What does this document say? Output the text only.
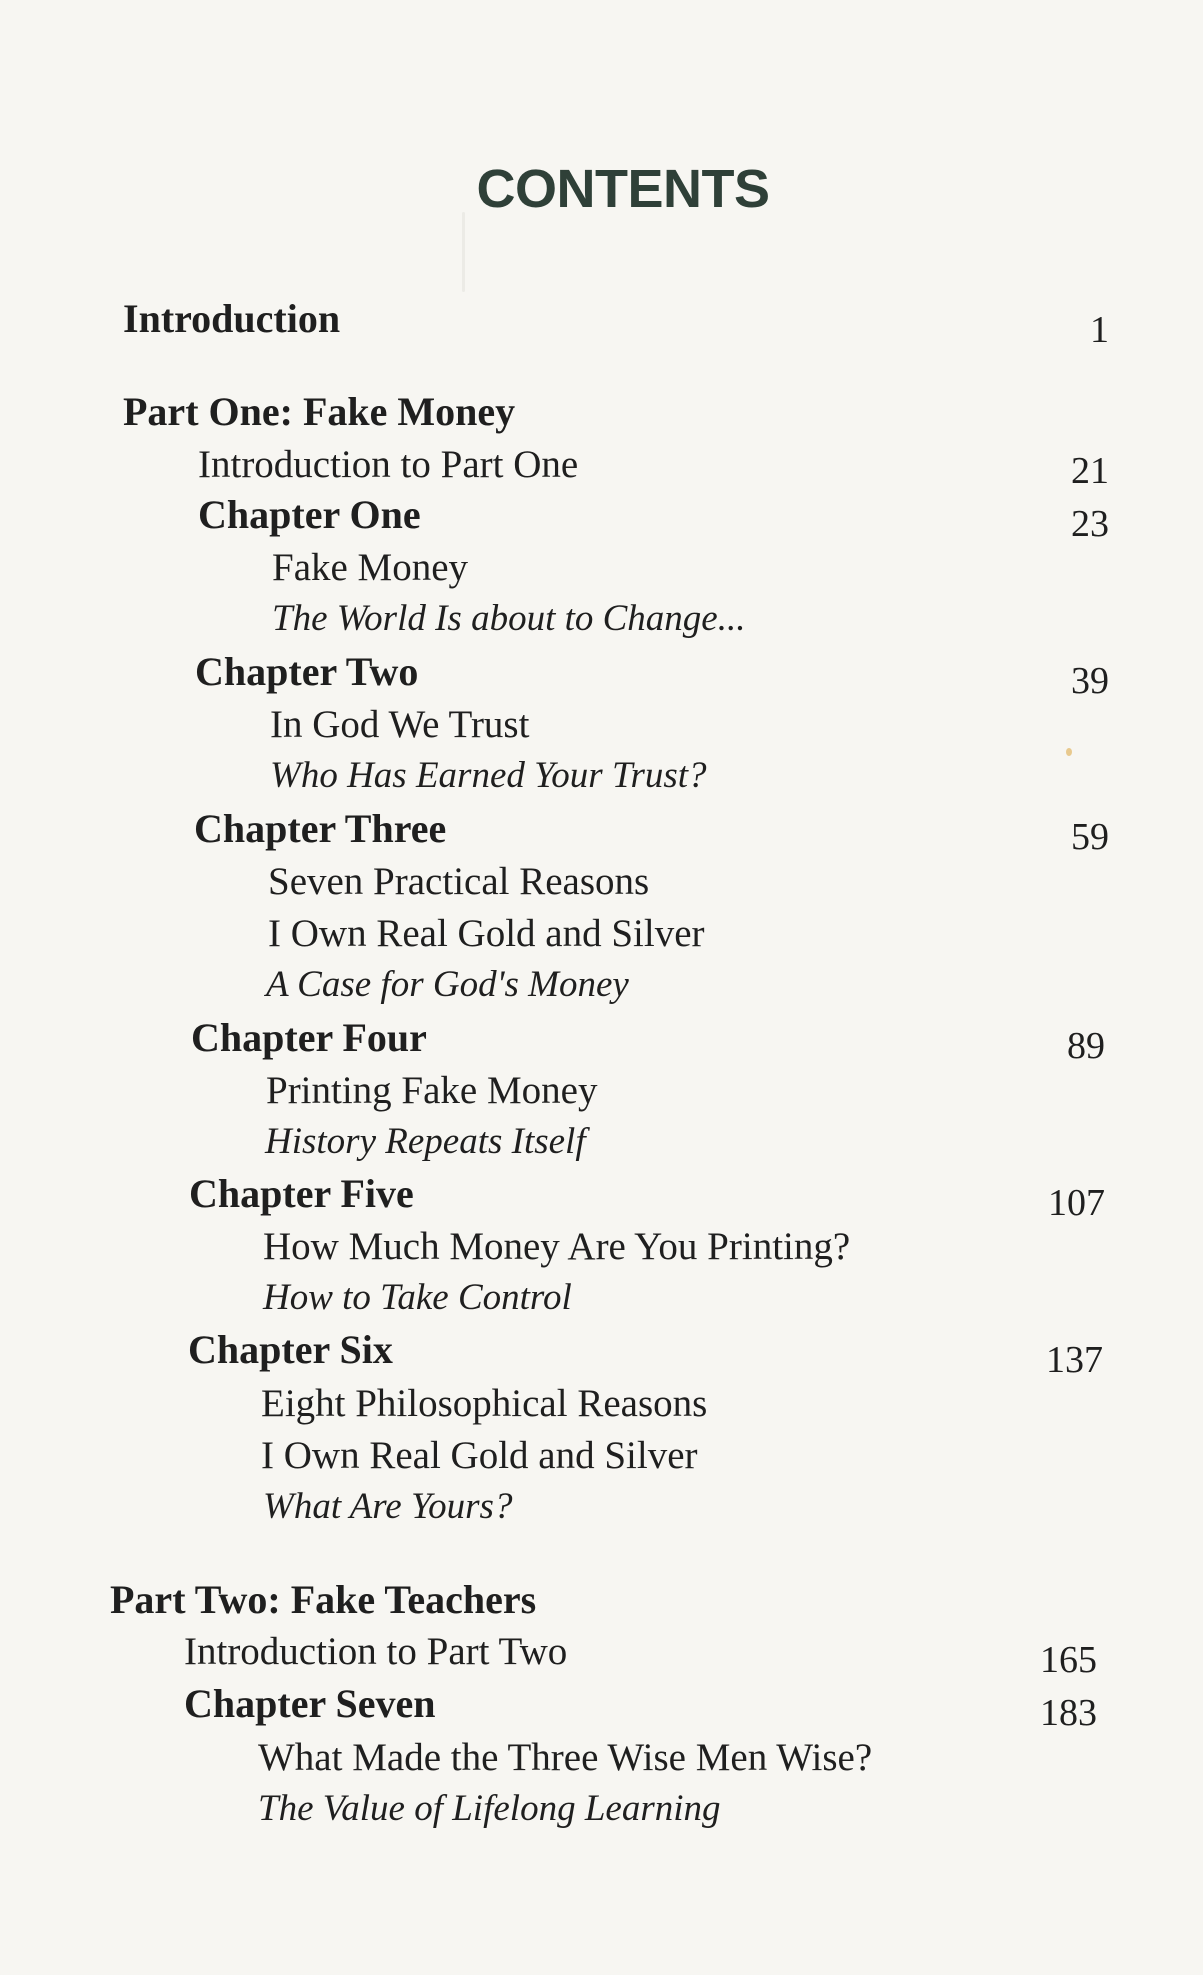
CONTENTS
Introduction	1
Part One: Fake Money
Introduction to Part One	21
Chapter One	23
Fake Money
The World Is about to Change...
Chapter Two	39
In God We Trust
Who Has Earned Your Trust?
Chapter Three	59
Seven Practical Reasons
I Own Real Gold and Silver
A Case for God's Money
Chapter Four	89
Printing Fake Money
History Repeats Itself
Chapter Five	107
How Much Money Are You Printing?
How to Take Control
Chapter Six	137
Eight Philosophical Reasons
I Own Real Gold and Silver
What Are Yours?
Part Two: Fake Teachers
Introduction to Part Two	165
Chapter Seven	183
What Made the Three Wise Men Wise?
The Value of Lifelong Learning
